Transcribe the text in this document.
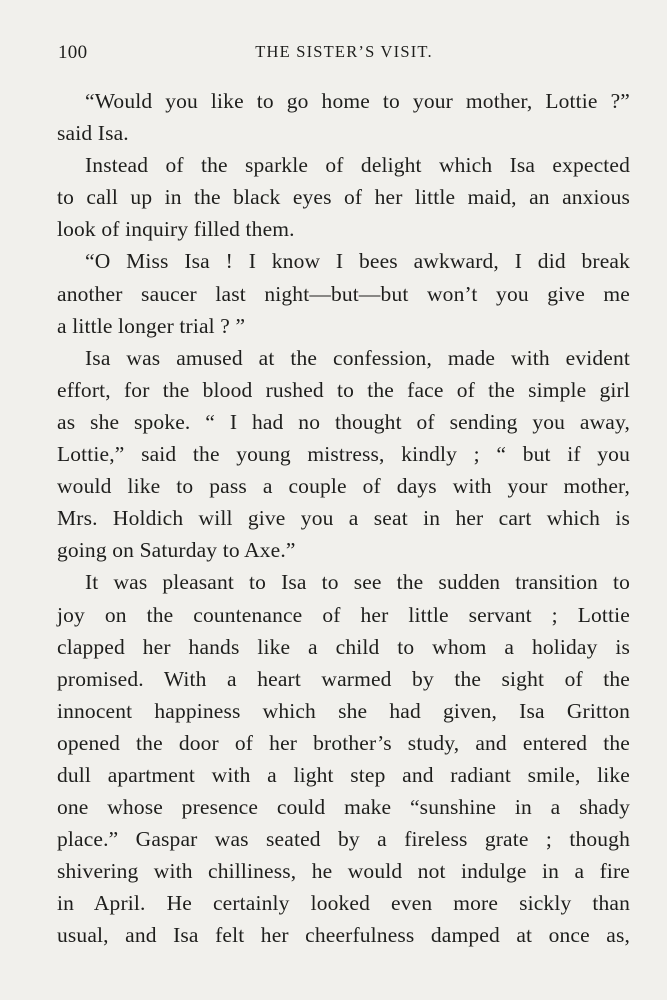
100	THE SISTER’S VISIT.
“Would you like to go home to your mother, Lottie ?”
said Isa.
Instead of the sparkle of delight which Isa expected
to call up in the black eyes of her little maid, an anxious
look of inquiry filled them.
“O Miss Isa ! I know I bees awkward, I did break
another saucer last night—but—but won’t you give me
a little longer trial ? ”
Isa was amused at the confession, made with evident
effort, for the blood rushed to the face of the simple girl
as she spoke. “ I had no thought of sending you away,
Lottie,” said the young mistress, kindly ; “ but if you
would like to pass a couple of days with your mother,
Mrs. Holdich will give you a seat in her cart which is
going on Saturday to Axe.”
It was pleasant to Isa to see the sudden transition to
joy on the countenance of her little servant ; Lottie
clapped her hands like a child to whom a holiday is
promised. With a heart warmed by the sight of the
innocent happiness which she had given, Isa Gritton
opened the door of her brother’s study, and entered the
dull apartment with a light step and radiant smile, like
one whose presence could make “sunshine in a shady
place.” Gaspar was seated by a fireless grate ; though
shivering with chilliness, he would not indulge in a fire
in April. He certainly looked even more sickly than
usual, and Isa felt her cheerfulness damped at once as,
